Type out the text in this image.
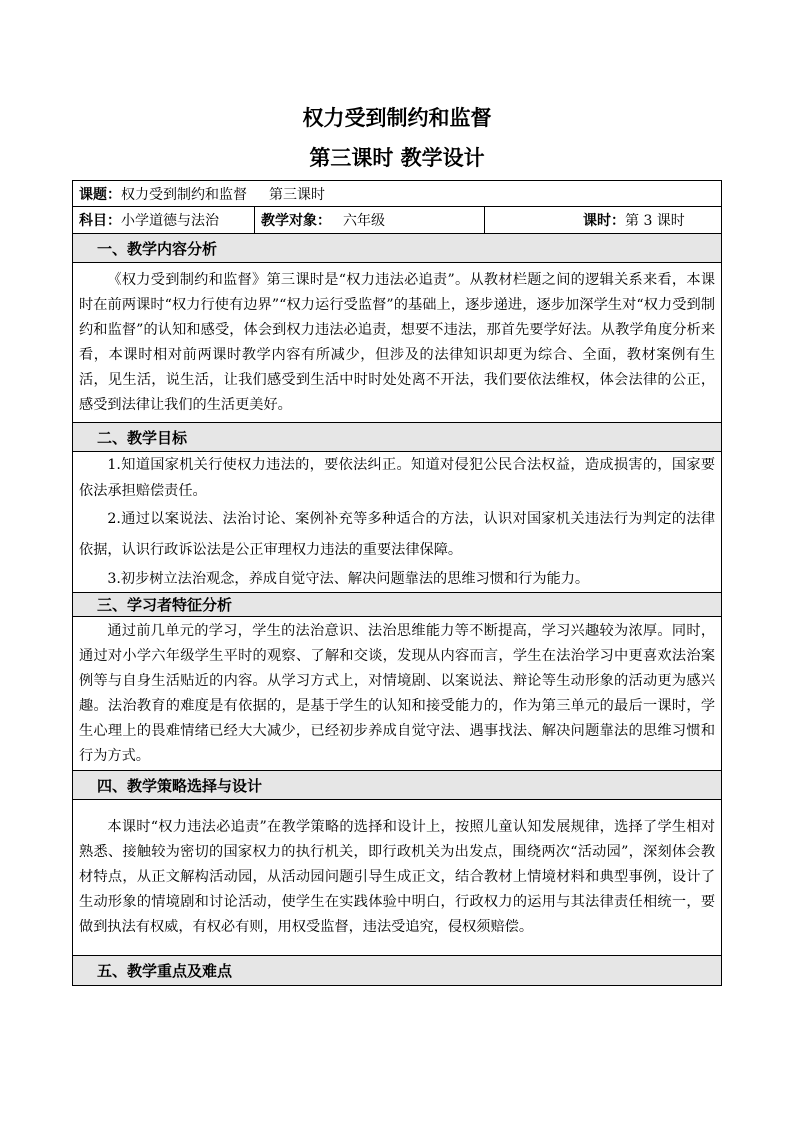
权力受到制约和监督
第三课时 教学设计
课题：权力受到制约和监督 第三课时
科目：小学道德与法治	教学对象： 六年级	课时：第 3 课时
一、教学内容分析

《权力受到制约和监督》第三课时是“权力违法必追责”。从教材栏题之间的逻辑关系来看，本课时在前两课时“权力行使有边界”“权力运行受监督”的基础上，逐步递进，逐步加深学生对“权力受到制约和监督”的认知和感受，体会到权力违法必追责，想要不违法，那首先要学好法。从教学角度分析来看，本课时相对前两课时教学内容有所减少，但涉及的法律知识却更为综合、全面，教材案例有生活，见生活，说生活，让我们感受到生活中时时处处离不开法，我们要依法维权，体会法律的公正，感受到法律让我们的生活更美好。

二、教学目标

1.知道国家机关行使权力违法的，要依法纠正。知道对侵犯公民合法权益，造成损害的，国家要依法承担赔偿责任。

2.通过以案说法、法治讨论、案例补充等多种适合的方法，认识对国家机关违法行为判定的法律依据，认识行政诉讼法是公正审理权力违法的重要法律保障。

3.初步树立法治观念，养成自觉守法、解决问题靠法的思维习惯和行为能力。

三、学习者特征分析

通过前几单元的学习，学生的法治意识、法治思维能力等不断提高，学习兴趣较为浓厚。同时，通过对小学六年级学生平时的观察、了解和交谈，发现从内容而言，学生在法治学习中更喜欢法治案例等与自身生活贴近的内容。从学习方式上，对情境剧、以案说法、辩论等生动形象的活动更为感兴趣。法治教育的难度是有依据的，是基于学生的认知和接受能力的，作为第三单元的最后一课时，学生心理上的畏难情绪已经大大减少，已经初步养成自觉守法、遇事找法、解决问题靠法的思维习惯和行为方式。

四、教学策略选择与设计

本课时“权力违法必追责”在教学策略的选择和设计上，按照儿童认知发展规律，选择了学生相对熟悉、接触较为密切的国家权力的执行机关，即行政机关为出发点，围绕两次“活动园”，深刻体会教材特点，从正文解构活动园，从活动园问题引导生成正文，结合教材上情境材料和典型事例，设计了生动形象的情境剧和讨论活动，使学生在实践体验中明白，行政权力的运用与其法律责任相统一，要做到执法有权威，有权必有则，用权受监督，违法受追究，侵权须赔偿。

五、教学重点及难点
